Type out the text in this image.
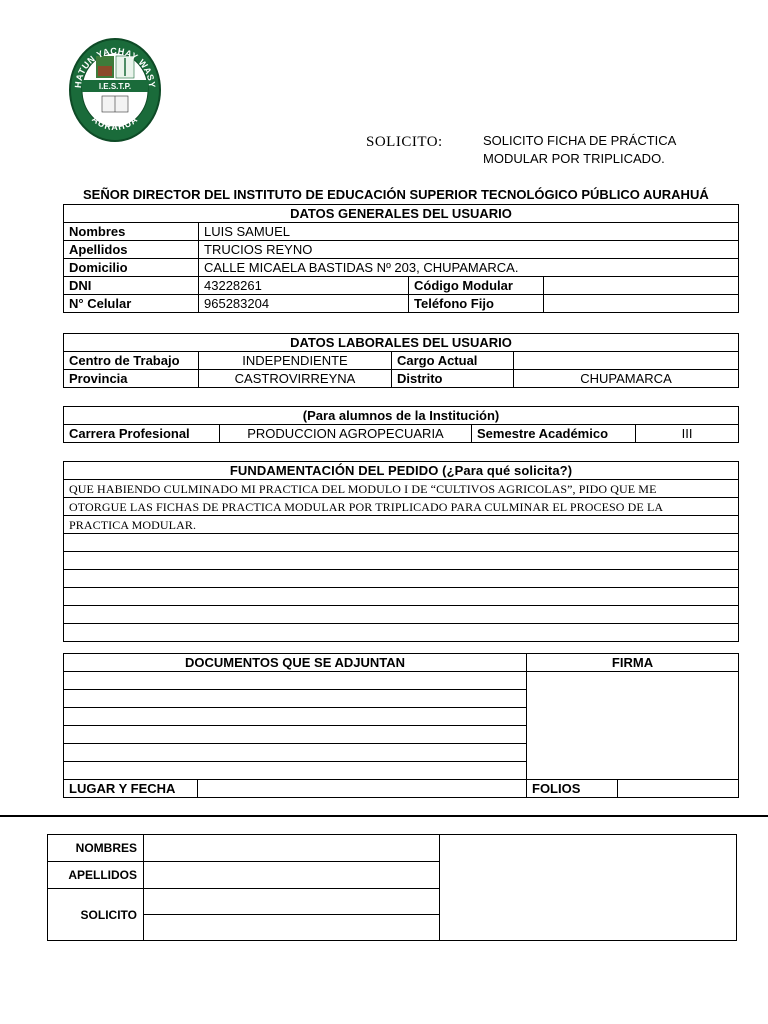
HATUN YACHAY WASY
I.E.S.T.P.
AURAHUA
SOLICITO:	SOLICITO FICHA DE PRÁCTICA
MODULAR POR TRIPLICADO.
SEÑOR DIRECTOR DEL INSTITUTO DE EDUCACIÓN SUPERIOR TECNOLÓGICO PÚBLICO AURAHUÁ
DATOS GENERALES DEL USUARIO			
Nombres	LUIS SAMUEL		
Apellidos	TRUCIOS REYNO		
Domicilio	CALLE MICAELA BASTIDAS Nº 203, CHUPAMARCA.		
DNI	43228261	Código Modular	
N° Celular	965283204	Teléfono Fijo	
DATOS LABORALES DEL USUARIO			
Centro de Trabajo	INDEPENDIENTE	Cargo Actual	
Provincia	CASTROVIRREYNA	Distrito	CHUPAMARCA
(Para alumnos de la Institución)
Carrera Profesional	PRODUCCION AGROPECUARIA	Semestre Académico	III
FUNDAMENTACIÓN DEL PEDIDO (¿Para qué solicita?)
QUE HABIENDO CULMINADO MI PRACTICA DEL MODULO I DE “CULTIVOS AGRICOLAS”, PIDO QUE ME
OTORGUE LAS FICHAS DE PRACTICA MODULAR POR TRIPLICADO PARA CULMINAR EL PROCESO DE LA
PRACTICA MODULAR.

DOCUMENTOS QUE SE ADJUNTAN		FIRMA	

LUGAR Y FECHA		FOLIOS	
NOMBRES		
APELLIDOS		
SOLICITO		
